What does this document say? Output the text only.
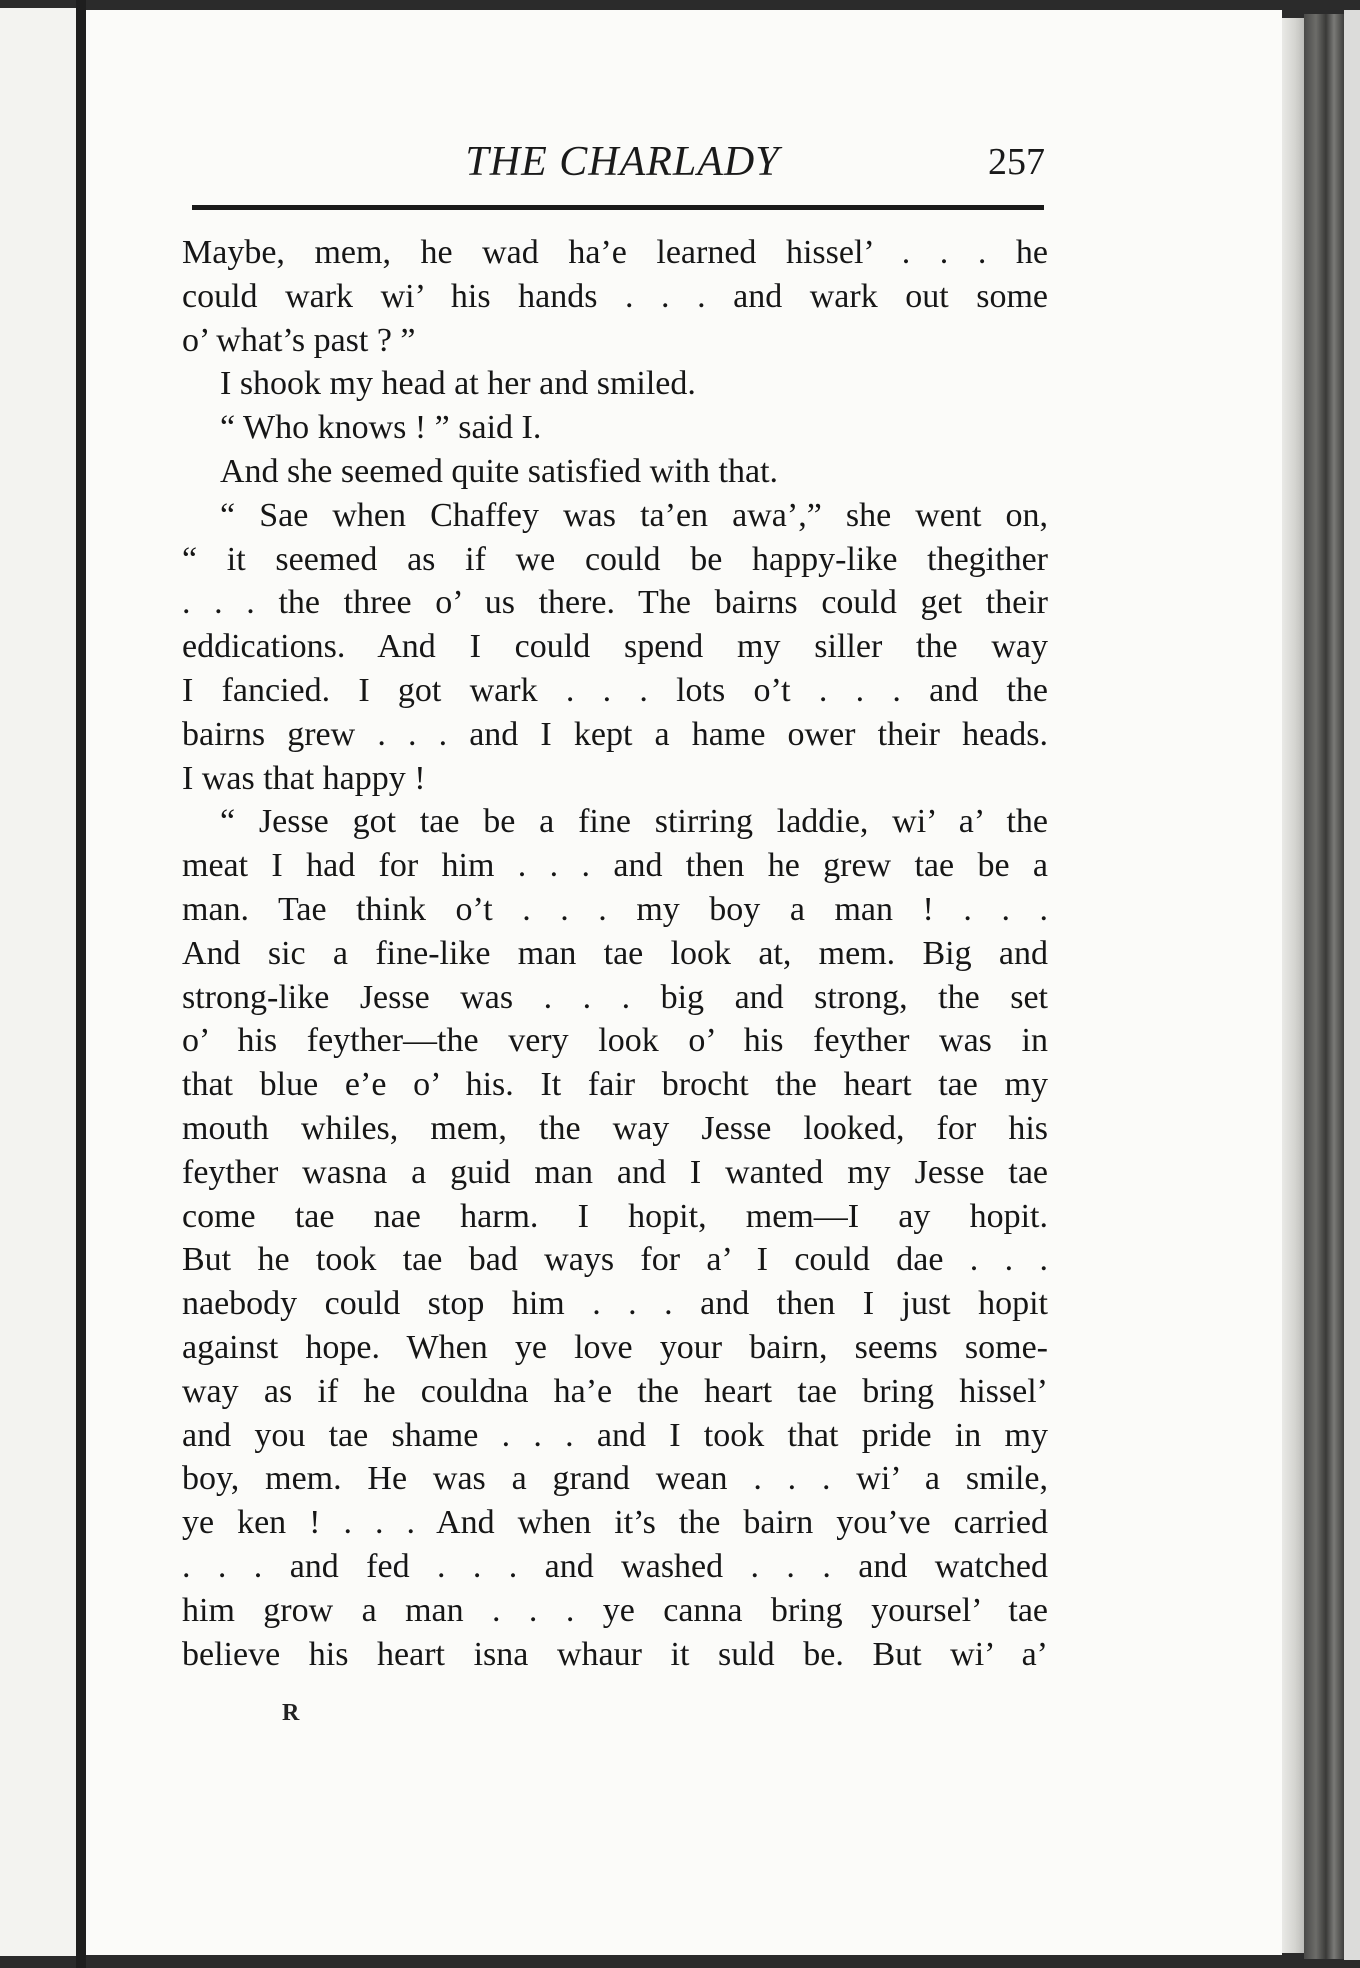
THE CHARLADY	257
Maybe, mem, he wad ha’e learned hissel’ . . . he
could wark wi’ his hands . . . and wark out some
o’ what’s past ? ”
I shook my head at her and smiled.
“ Who knows ! ” said I.
And she seemed quite satisfied with that.
“ Sae when Chaffey was ta’en awa’,” she went on,
“ it seemed as if we could be happy-like thegither
. . . the three o’ us there. The bairns could get their
eddications. And I could spend my siller the way
I fancied. I got wark . . . lots o’t . . . and the
bairns grew . . . and I kept a hame ower their heads.
I was that happy !
“ Jesse got tae be a fine stirring laddie, wi’ a’ the
meat I had for him . . . and then he grew tae be a
man. Tae think o’t . . . my boy a man ! . . .
And sic a fine-like man tae look at, mem. Big and
strong-like Jesse was . . . big and strong, the set
o’ his feyther—the very look o’ his feyther was in
that blue e’e o’ his. It fair brocht the heart tae my
mouth whiles, mem, the way Jesse looked, for his
feyther wasna a guid man and I wanted my Jesse tae
come tae nae harm. I hopit, mem—I ay hopit.
But he took tae bad ways for a’ I could dae . . .
naebody could stop him . . . and then I just hopit
against hope. When ye love your bairn, seems some-
way as if he couldna ha’e the heart tae bring hissel’
and you tae shame . . . and I took that pride in my
boy, mem. He was a grand wean . . . wi’ a smile,
ye ken ! . . . And when it’s the bairn you’ve carried
. . . and fed . . . and washed . . . and watched
him grow a man . . . ye canna bring yoursel’ tae
believe his heart isna whaur it suld be. But wi’ a’
R
